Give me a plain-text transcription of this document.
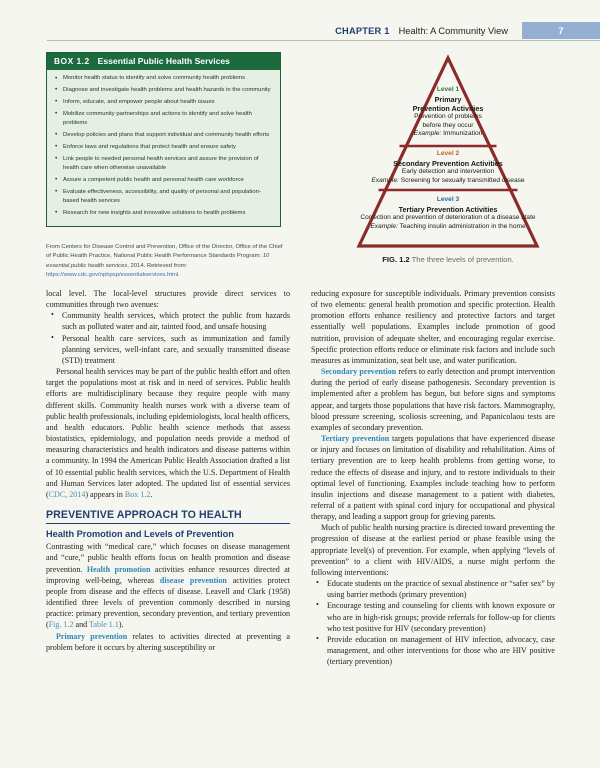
CHAPTER 1 Health: A Community View	7
BOX 1.2 Essential Public Health Services
• Monitor health status to identify and solve community health problems
• Diagnose and investigate health problems and health hazards in the community
• Inform, educate, and empower people about health issues
• Mobilize community partnerships and actions to identify and solve health problems
• Develop policies and plans that support individual and community health efforts
• Enforce laws and regulations that protect health and ensure safety
• Link people to needed personal health services and assure the provision of health care when otherwise unavailable
• Assure a competent public health and personal health care workforce
• Evaluate effectiveness, accessibility, and quality of personal and population-based health services
• Research for new insights and innovative solutions to health problems
From Centers for Disease Control and Prevention, Office of the Director, Office of the Chief of Public Health Practice, National Public Health Performance Standards Program: 10 essential public health services, 2014. Retrieved from: https://www.cdc.gov/nphpsp/essentialservices.html.
Level 1
Primary
Prevention Activities
Prevention of problems
before they occur
Example: Immunization
Level 2
Secondary Prevention Activities
Early detection and intervention
Example: Screening for sexually transmitted disease
Level 3
Tertiary Prevention Activities
Correction and prevention of deterioration of a disease state
Example: Teaching insulin administration in the home
FIG. 1.2 The three levels of prevention.

local level. The local-level structures provide direct services to communities through two avenues:

• Community health services, which protect the public from hazards such as polluted water and air, tainted food, and unsafe housing
• Personal health care services, such as immunization and family planning services, well-infant care, and sexually transmitted disease (STD) treatment

Personal health services may be part of the public health effort and often target the populations most at risk and in need of services. Public health efforts are multidisciplinary because they require people with many different skills. Community health nurses work with a diverse team of public health professionals, including epidemiologists, local health officers, and health educators. Public health science methods that assess biostatistics, epidemiology, and population needs provide a method of measuring characteristics and health indicators and disease patterns within a community. In 1994 the American Public Health Association drafted a list of 10 essential public health services, which the U.S. Department of Health and Human Services later adopted. The updated list of essential services (CDC, 2014) appears in Box 1.2.

PREVENTIVE APPROACH TO HEALTH
Health Promotion and Levels of Prevention

Contrasting with “medical care,” which focuses on disease management and “cure,” public health efforts focus on health promotion and disease prevention. Health promotion activities enhance resources directed at improving well-being, whereas disease prevention activities protect people from disease and the effects of disease. Leavell and Clark (1958) identified three levels of prevention commonly described in nursing practice: primary prevention, secondary prevention, and tertiary prevention (Fig. 1.2 and Table 1.1).

Primary prevention relates to activities directed at preventing a problem before it occurs by altering susceptibility or

reducing exposure for susceptible individuals. Primary prevention consists of two elements: general health promotion and specific protection. Health promotion efforts enhance resiliency and protective factors and target essentially well populations. Examples include promotion of good nutrition, provision of adequate shelter, and encouraging regular exercise. Specific protection efforts reduce or eliminate risk factors and include such measures as immunization, seat belt use, and water purification.

Secondary prevention refers to early detection and prompt intervention during the period of early disease pathogenesis. Secondary prevention is implemented after a problem has begun, but before signs and symptoms appear, and targets those populations that have risk factors. Mammography, blood pressure screening, scoliosis screening, and Papanicolaou tests are examples of secondary prevention.

Tertiary prevention targets populations that have experienced disease or injury and focuses on limitation of disability and rehabilitation. Aims of tertiary prevention are to keep health problems from getting worse, to reduce the effects of disease and injury, and to restore individuals to their optimal level of functioning. Examples include teaching how to perform insulin injections and disease management to a patient with diabetes, referral of a patient with spinal cord injury for occupational and physical therapy, and leading a support group for grieving parents.

Much of public health nursing practice is directed toward preventing the progression of disease at the earliest period or phase feasible using the appropriate level(s) of prevention. For example, when applying “levels of prevention” to a client with HIV/AIDS, a nurse might perform the following interventions:

• Educate students on the practice of sexual abstinence or “safer sex” by using barrier methods (primary prevention)
• Encourage testing and counseling for clients with known exposure or who are in high-risk groups; provide referrals for follow-up for clients who test positive for HIV (secondary prevention)
• Provide education on management of HIV infection, advocacy, case management, and other interventions for those who are HIV positive (tertiary prevention)
